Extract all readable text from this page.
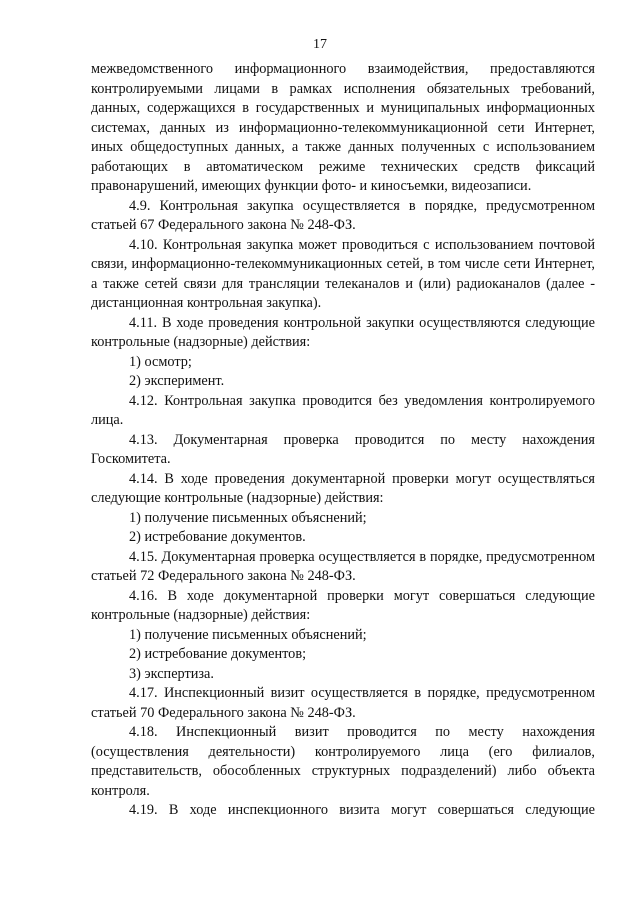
17

межведомственного информационного взаимодействия, предоставляются контролируемыми лицами в рамках исполнения обязательных требований, данных, содержащихся в государственных и муниципальных информационных системах, данных из информационно-телекоммуникационной сети Интернет, иных общедоступных данных, а также данных полученных с использованием работающих в автоматическом режиме технических средств фиксаций правонарушений, имеющих функции фото- и киносъемки, видеозаписи.

4.9. Контрольная закупка осуществляется в порядке, предусмотренном статьей 67 Федерального закона № 248-ФЗ.

4.10. Контрольная закупка может проводиться с использованием почтовой связи, информационно-телекоммуникационных сетей, в том числе сети Интернет, а также сетей связи для трансляции телеканалов и (или) радиоканалов (далее - дистанционная контрольная закупка).

4.11. В ходе проведения контрольной закупки осуществляются следующие контрольные (надзорные) действия:

1) осмотр;

2) эксперимент.

4.12. Контрольная закупка проводится без уведомления контролируемого лица.

4.13. Документарная проверка проводится по месту нахождения Госкомитета.

4.14. В ходе проведения документарной проверки могут осуществляться следующие контрольные (надзорные) действия:

1) получение письменных объяснений;

2) истребование документов.

4.15. Документарная проверка осуществляется в порядке, предусмотренном статьей 72 Федерального закона № 248-ФЗ.

4.16. В ходе документарной проверки могут совершаться следующие контрольные (надзорные) действия:

1) получение письменных объяснений;

2) истребование документов;

3) экспертиза.

4.17. Инспекционный визит осуществляется в порядке, предусмотренном статьей 70 Федерального закона № 248-ФЗ.

4.18. Инспекционный визит проводится по месту нахождения (осуществления деятельности) контролируемого лица (его филиалов, представительств, обособленных структурных подразделений) либо объекта контроля.

4.19. В ходе инспекционного визита могут совершаться следующие
